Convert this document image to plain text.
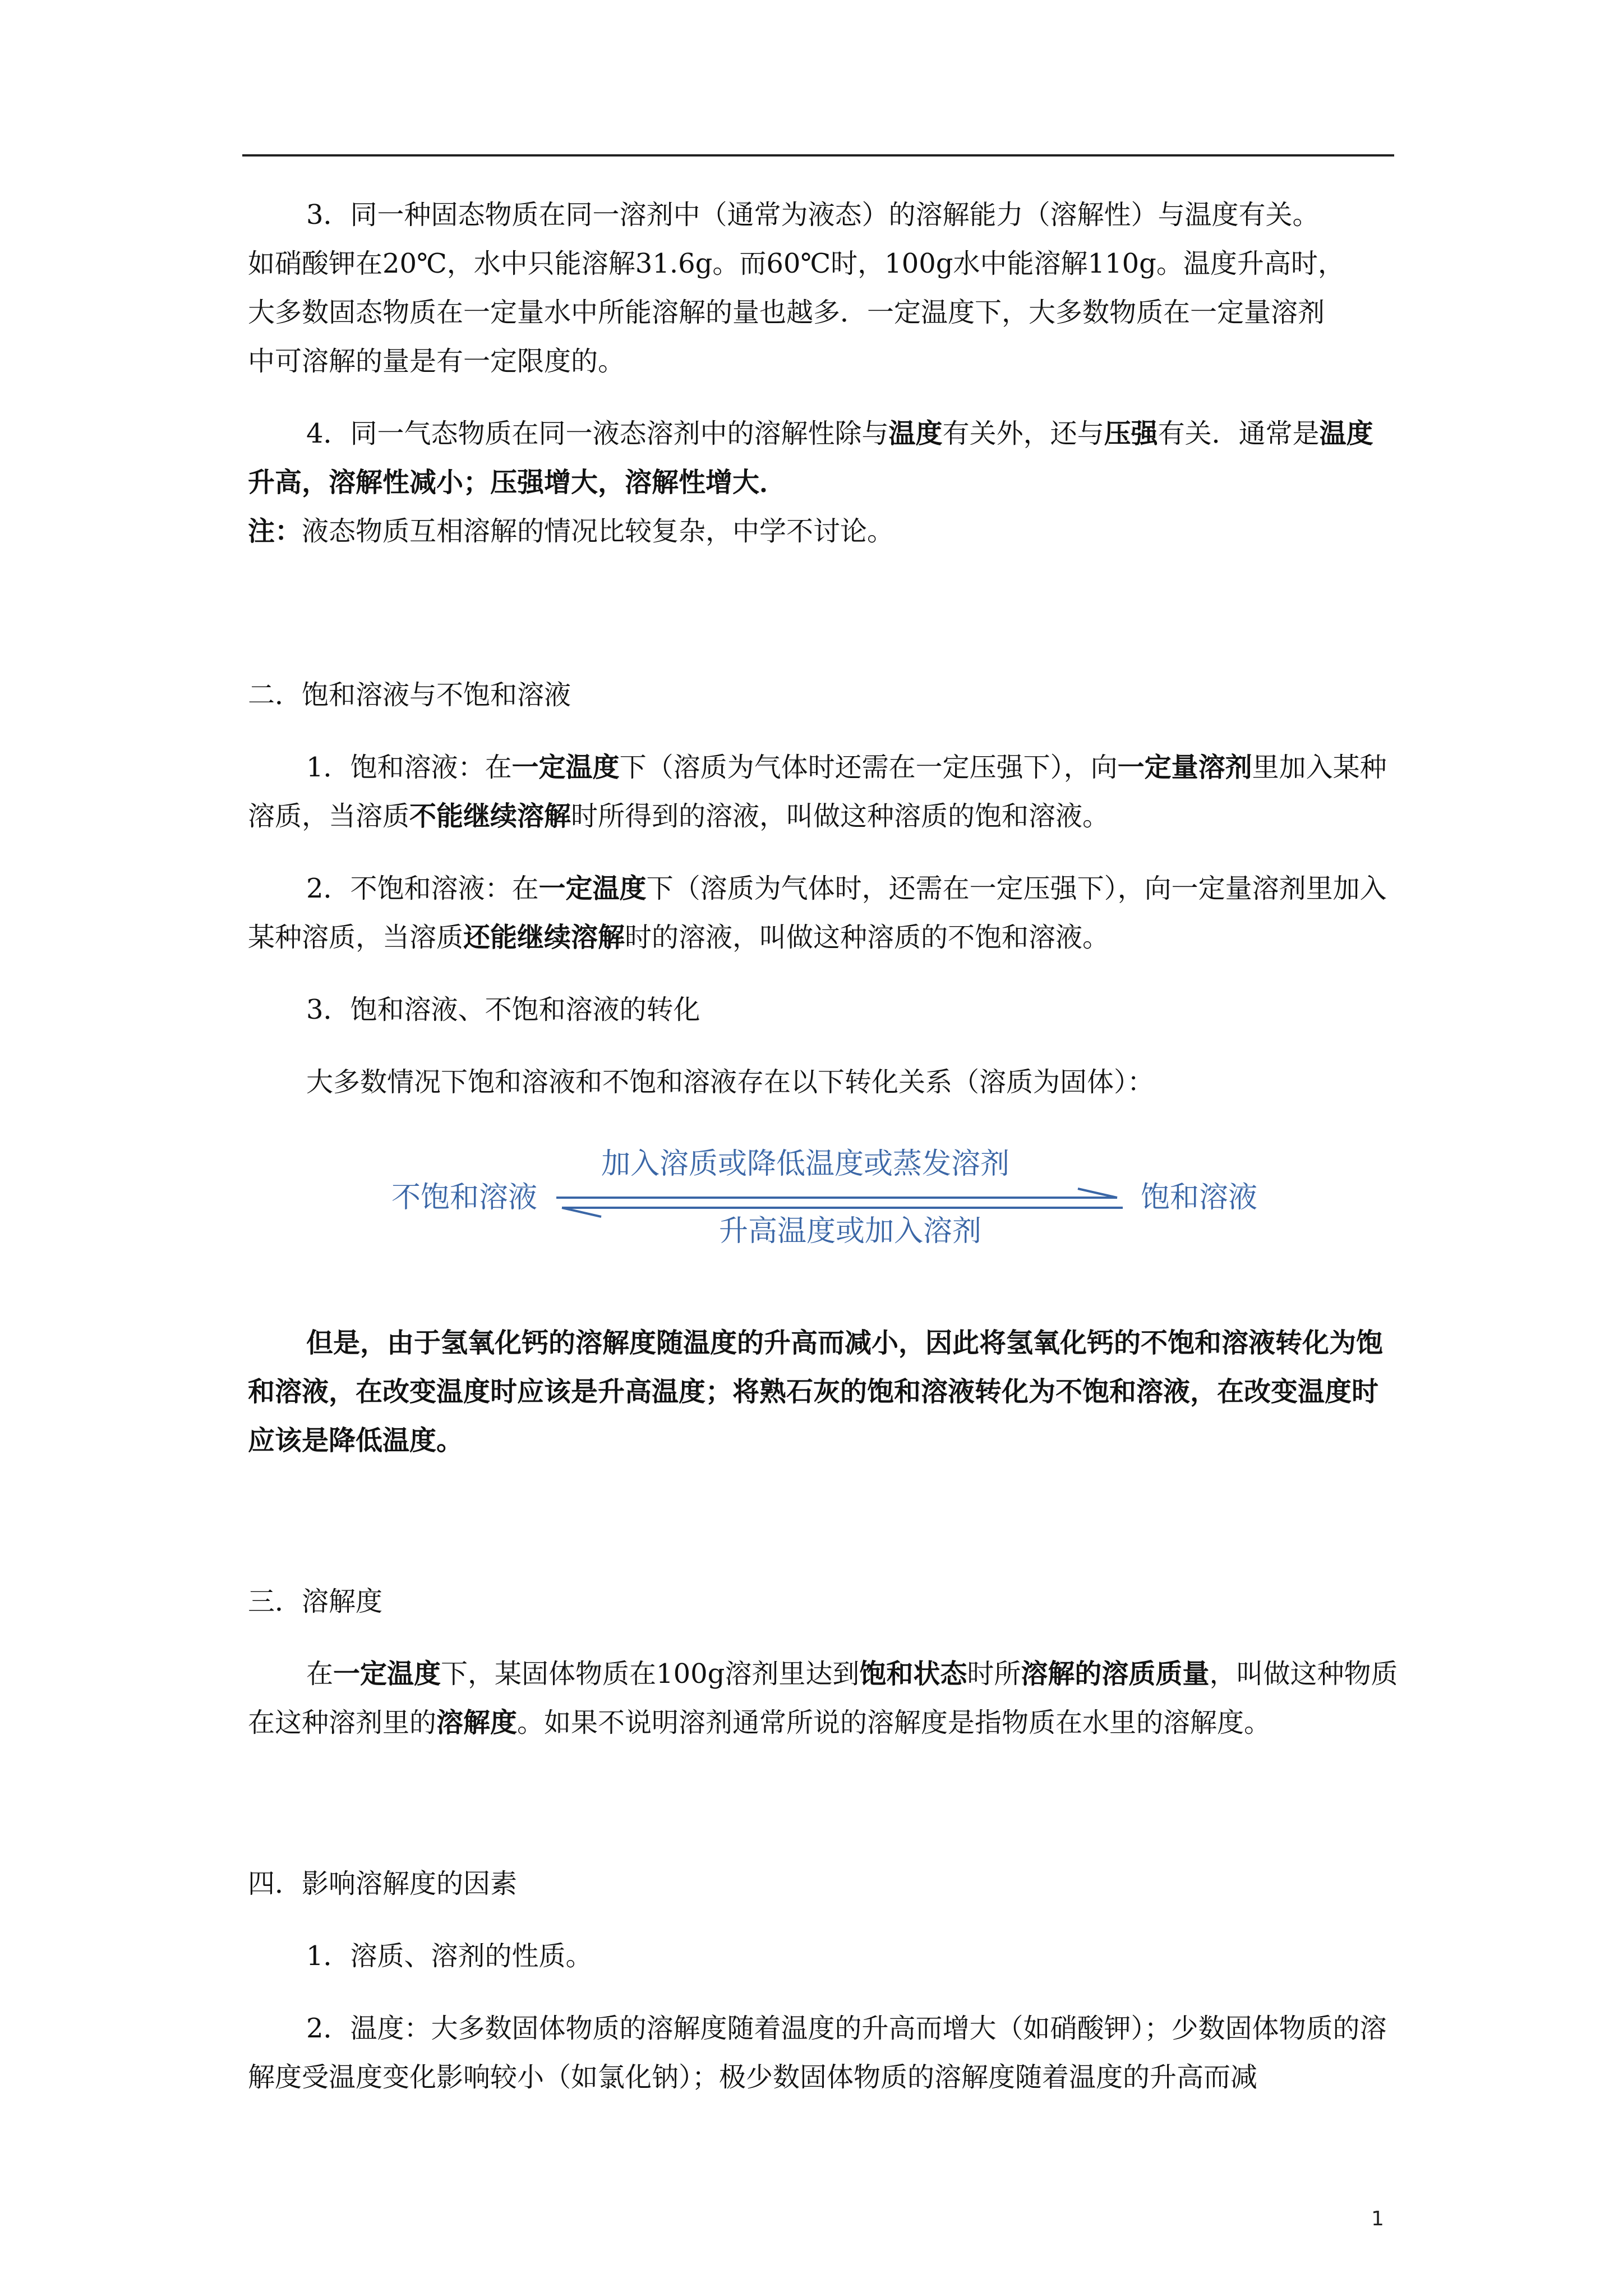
3．同一种固态物质在同一溶剂中（通常为液态）的溶解能力（溶解性）与温度有关。
如硝酸钾在20℃，水中只能溶解31.6g。而60℃时，100g水中能溶解110g。温度升高时，
大多数固态物质在一定量水中所能溶解的量也越多．一定温度下，大多数物质在一定量溶剂
中可溶解的量是有一定限度的。

4．同一气态物质在同一液态溶剂中的溶解性除与温度有关外，还与压强有关．通常是温度升高，溶解性减小；压强增大，溶解性增大．

注：液态物质互相溶解的情况比较复杂，中学不讨论。

二．饱和溶液与不饱和溶液

1．饱和溶液：在一定温度下（溶质为气体时还需在一定压强下），向一定量溶剂里加入某种溶质，当溶质不能继续溶解时所得到的溶液，叫做这种溶质的饱和溶液。

2．不饱和溶液：在一定温度下（溶质为气体时，还需在一定压强下），向一定量溶剂里加入某种溶质，当溶质还能继续溶解时的溶液，叫做这种溶质的不饱和溶液。

3．饱和溶液、不饱和溶液的转化

大多数情况下饱和溶液和不饱和溶液存在以下转化关系（溶质为固体）：

不饱和溶液
加入溶质或降低温度或蒸发溶剂
升高温度或加入溶剂
饱和溶液

但是，由于氢氧化钙的溶解度随温度的升高而减小，因此将氢氧化钙的不饱和溶液转化为饱和溶液，在改变温度时应该是升高温度；将熟石灰的饱和溶液转化为不饱和溶液，在改变温度时应该是降低温度。

三．溶解度

在一定温度下，某固体物质在100g溶剂里达到饱和状态时所溶解的溶质质量，叫做这种物质在这种溶剂里的溶解度。如果不说明溶剂通常所说的溶解度是指物质在水里的溶解度。

四．影响溶解度的因素

1．溶质、溶剂的性质。

2．温度：大多数固体物质的溶解度随着温度的升高而增大（如硝酸钾）；少数固体物质的溶解度受温度变化影响较小（如氯化钠）；极少数固体物质的溶解度随着温度的升高而减

1
